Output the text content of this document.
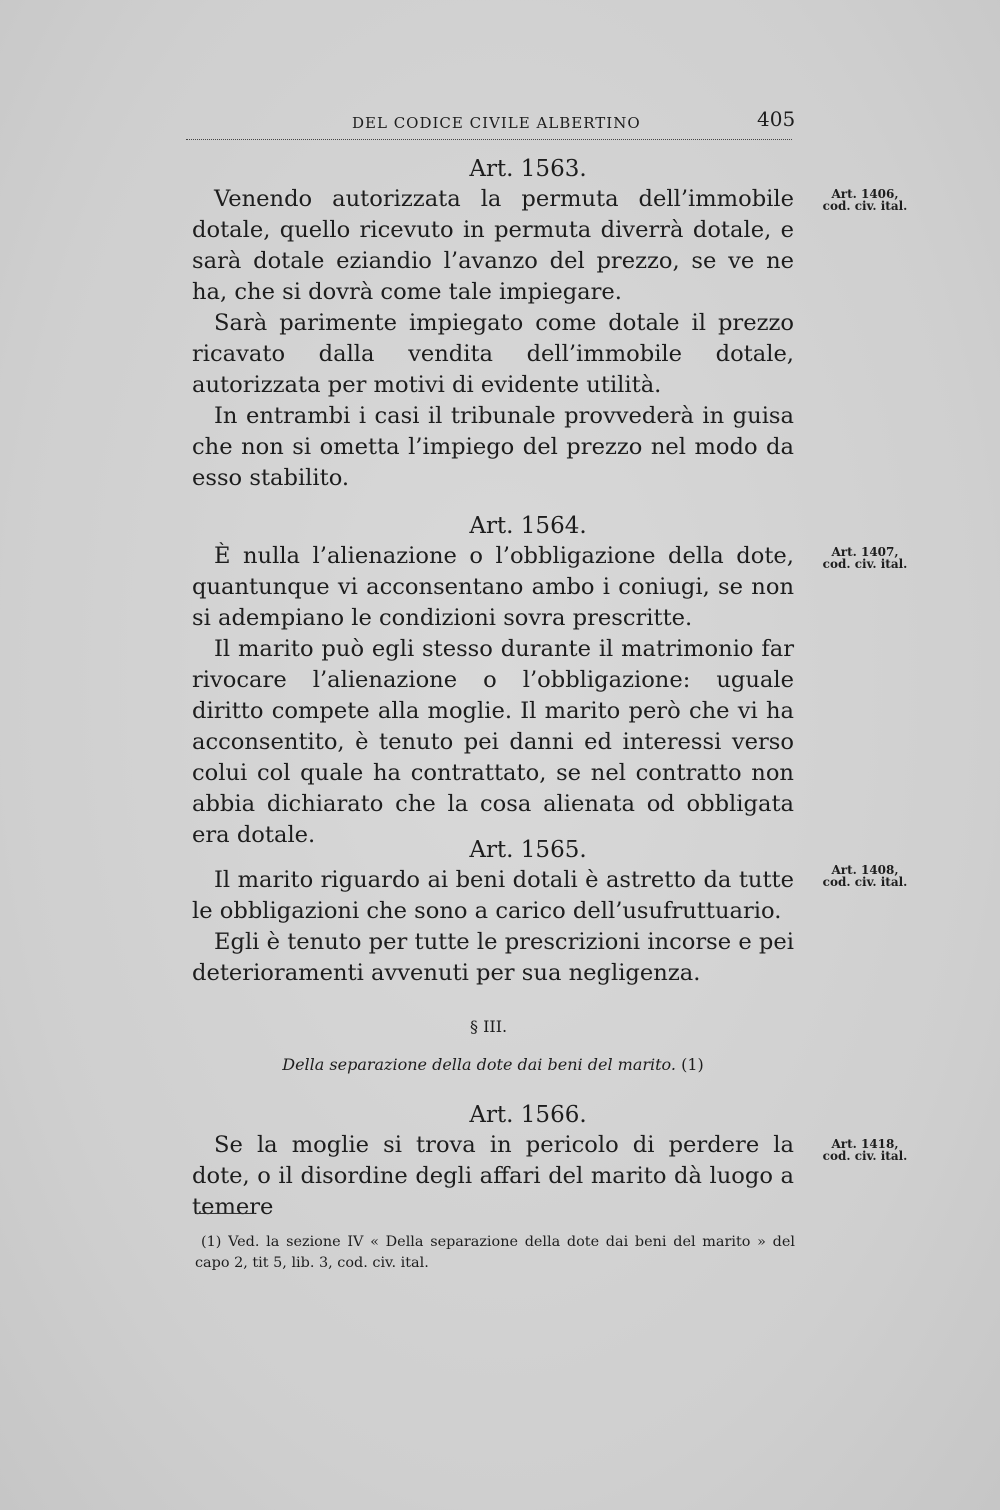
DEL CODICE CIVILE ALBERTINO	405
Art. 1563.

Venendo autorizzata la permuta dell’immobile dotale, quello ricevuto in permuta diverrà dotale, e sarà dotale eziandio l’avanzo del prezzo, se ve ne ha, che si dovrà come tale impiegare.

Sarà parimente impiegato come dotale il prezzo ricavato dalla vendita dell’immobile dotale, autorizzata per motivi di evidente utilità.

In entrambi i casi il tribunale provvederà in guisa che non si ometta l’impiego del prezzo nel modo da esso stabilito.

Art. 1406,
cod. civ. ital.
Art. 1564.

È nulla l’alienazione o l’obbligazione della dote, quantunque vi acconsentano ambo i coniugi, se non si adempiano le condizioni sovra prescritte.

Il marito può egli stesso durante il matrimonio far rivocare l’alienazione o l’obbligazione: uguale diritto compete alla moglie. Il marito però che vi ha acconsentito, è tenuto pei danni ed interessi verso colui col quale ha contrattato, se nel contratto non abbia dichiarato che la cosa alienata od obbligata era dotale.

Art. 1407,
cod. civ. ital.
Art. 1565.

Il marito riguardo ai beni dotali è astretto da tutte le obbligazioni che sono a carico dell’usufruttuario.

Egli è tenuto per tutte le prescrizioni incorse e pei deterioramenti avvenuti per sua negligenza.

Art. 1408,
cod. civ. ital.
§ III.
Della separazione della dote dai beni del marito. (1)
Art. 1566.

Se la moglie si trova in pericolo di perdere la dote, o il disordine degli affari del marito dà luogo a temere

Art. 1418,
cod. civ. ital.
(1) Ved. la sezione IV « Della separazione della dote dai beni del marito » del capo 2, tit 5, lib. 3, cod. civ. ital.
